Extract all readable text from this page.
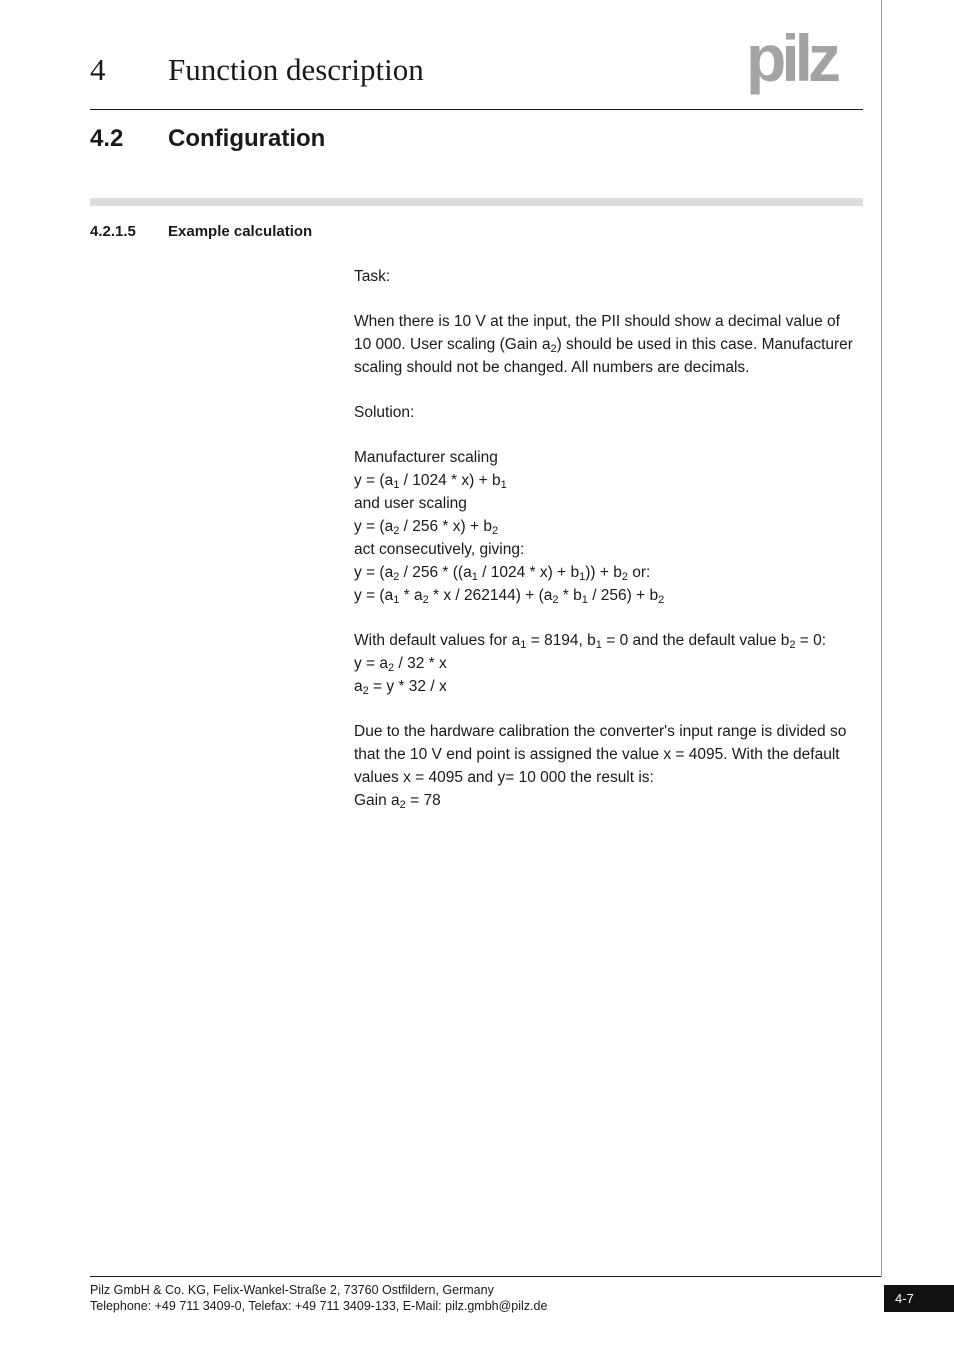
4 Function description	pilz
4.2 Configuration
4.2.1.5 Example calculation
Task:
When there is 10 V at the input, the PII should show a decimal value of
10 000. User scaling (Gain $a_2$) should be used in this case. Manufacturer
scaling should not be changed. All numbers are decimals.
Solution:
Manufacturer scaling
$y = (a_1 / 1024 * x) + b_1$
and user scaling
$y = (a_2 / 256 * x) + b_2$
act consecutively, giving:
$y = (a_2 / 256 * ((a_1 / 1024 * x) + b_1)) + b_2$ or:
$y = (a_1 * a_2 * x / 262144) + (a_2 * b_1 / 256) + b_2$
With default values for $a_1 = 8194$, $b_1 = 0$ and the default value $b_2 = 0$:
$y = a_2 / 32 * x$
$a_2 = y * 32 / x$
Due to the hardware calibration the converter's input range is divided so
that the 10 V end point is assigned the value x = 4095. With the default
values x = 4095 and y= 10 000 the result is:
Gain $a_2 = 78$
Pilz GmbH & Co. KG, Felix-Wankel-Straße 2, 73760 Ostfildern, Germany
Telephone: +49 711 3409-0, Telefax: +49 711 3409-133, E-Mail: pilz.gmbh@pilz.de	4-7
